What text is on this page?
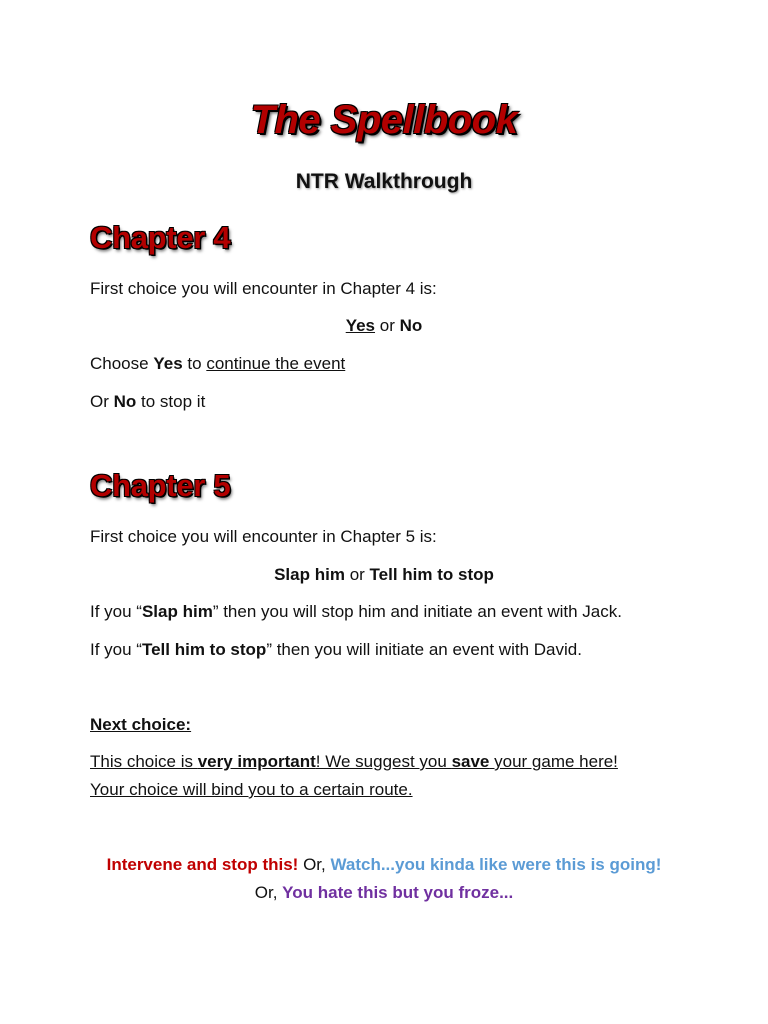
The Spellbook
NTR Walkthrough
Chapter 4
First choice you will encounter in Chapter 4 is:
Yes or No
Choose Yes to continue the event
Or No to stop it
Chapter 5
First choice you will encounter in Chapter 5 is:
Slap him or Tell him to stop
If you “Slap him” then you will stop him and initiate an event with Jack.
If you “Tell him to stop” then you will initiate an event with David.
Next choice:
This choice is very important! We suggest you save your game here!
Your choice will bind you to a certain route.
Intervene and stop this! Or, Watch...you kinda like were this is going!
Or, You hate this but you froze...
